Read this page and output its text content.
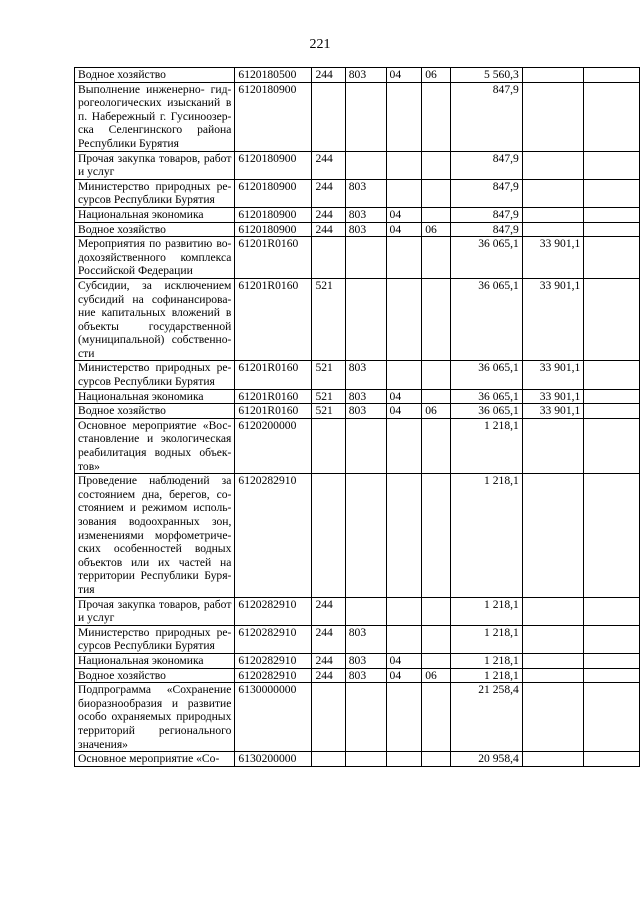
221
Водное хозяйство	6120180500	244	803	04	06	5 560,3		
Выполнение инженерно- гид-рогеологических изысканий в п. Набережный г. Гусиноозер-ска Селенгинского района Республики Бурятия	6120180900					847,9		
Прочая закупка товаров, работ и услуг	6120180900	244				847,9		
Министерство природных ре-сурсов Республики Бурятия	6120180900	244	803			847,9		
Национальная экономика	6120180900	244	803	04		847,9		
Водное хозяйство	6120180900	244	803	04	06	847,9		
Мероприятия по развитию во-дохозяйственного комплекса Российской Федерации	61201R0160					36 065,1	33 901,1	
Субсидии, за исключением субсидий на софинансирова-ние капитальных вложений в объекты государственной (муниципальной) собственно-сти	61201R0160	521				36 065,1	33 901,1	
Министерство природных ре-сурсов Республики Бурятия	61201R0160	521	803			36 065,1	33 901,1	
Национальная экономика	61201R0160	521	803	04		36 065,1	33 901,1	
Водное хозяйство	61201R0160	521	803	04	06	36 065,1	33 901,1	
Основное мероприятие «Вос-становление и экологическая реабилитация водных объек-тов»	6120200000					1 218,1		
Проведение наблюдений за состоянием дна, берегов, со-стоянием и режимом исполь-зования водоохранных зон, изменениями морфометриче-ских особенностей водных объектов или их частей на территории Республики Буря-тия	6120282910					1 218,1		
Прочая закупка товаров, работ и услуг	6120282910	244				1 218,1		
Министерство природных ре-сурсов Республики Бурятия	6120282910	244	803			1 218,1		
Национальная экономика	6120282910	244	803	04		1 218,1		
Водное хозяйство	6120282910	244	803	04	06	1 218,1		
Подпрограмма «Сохранение биоразнообразия и развитие особо охраняемых природных территорий регионального значения»	6130000000					21 258,4		
Основное мероприятие «Со-	6130200000					20 958,4		
